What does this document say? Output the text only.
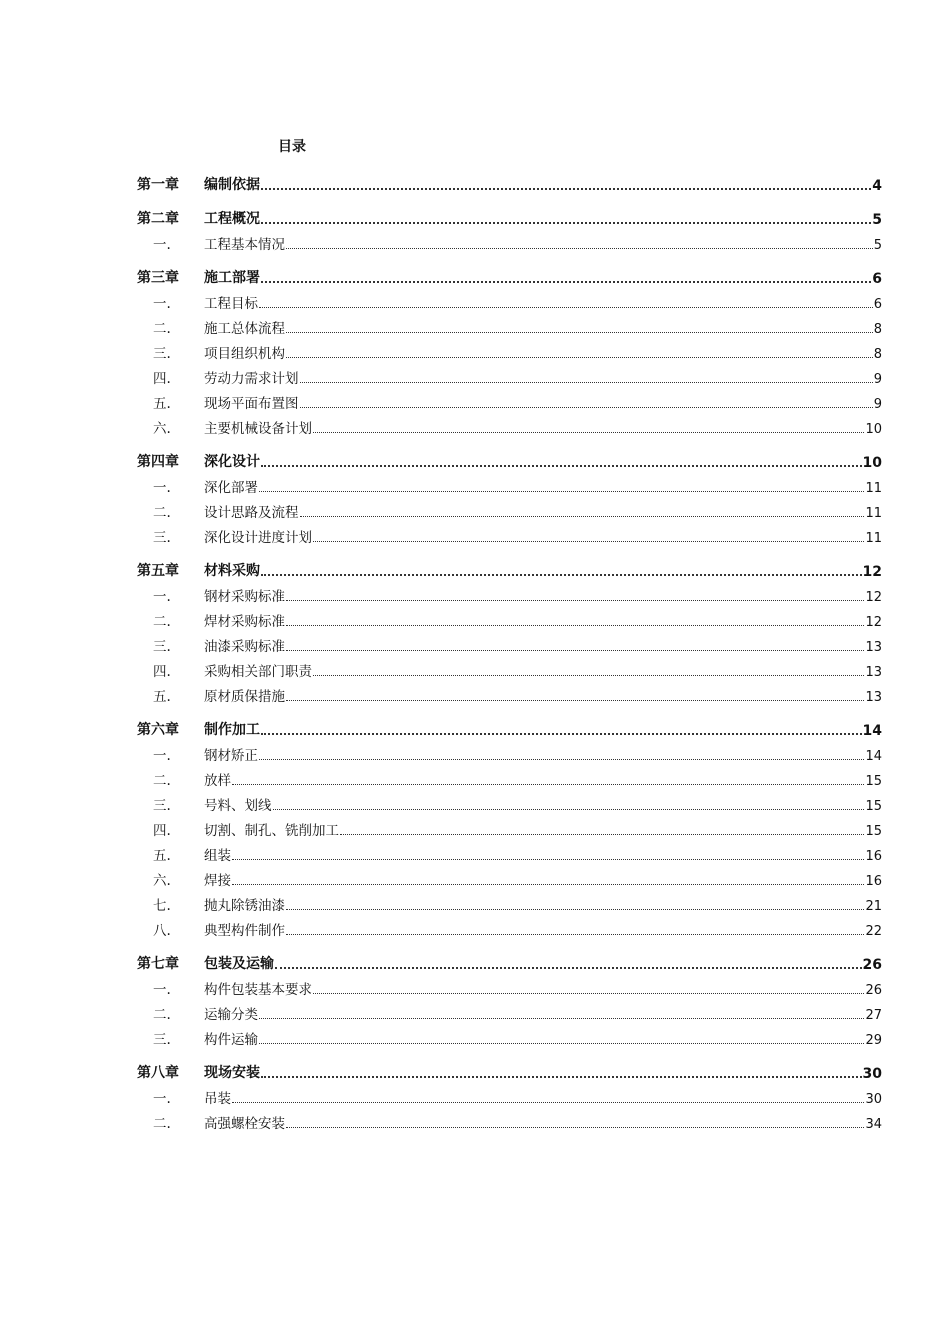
目录
第一章	编制依据	4
第二章	工程概况	5
一.	工程基本情况	5
第三章	施工部署	6
一.	工程目标	6
二.	施工总体流程	8
三.	项目组织机构	8
四.	劳动力需求计划	9
五.	现场平面布置图	9
六.	主要机械设备计划	10
第四章	深化设计	10
一.	深化部署	11
二.	设计思路及流程	11
三.	深化设计进度计划	11
第五章	材料采购	12
一.	钢材采购标准	12
二.	焊材采购标准	12
三.	油漆采购标准	13
四.	采购相关部门职责	13
五.	原材质保措施	13
第六章	制作加工	14
一.	钢材矫正	14
二.	放样	15
三.	号料、划线	15
四.	切割、制孔、铣削加工	15
五.	组装	16
六.	焊接	16
七.	抛丸除锈油漆	21
八.	典型构件制作	22
第七章	包装及运输	26
一.	构件包装基本要求	26
二.	运输分类	27
三.	构件运输	29
第八章	现场安装	30
一.	吊装	30
二.	高强螺栓安装	34
